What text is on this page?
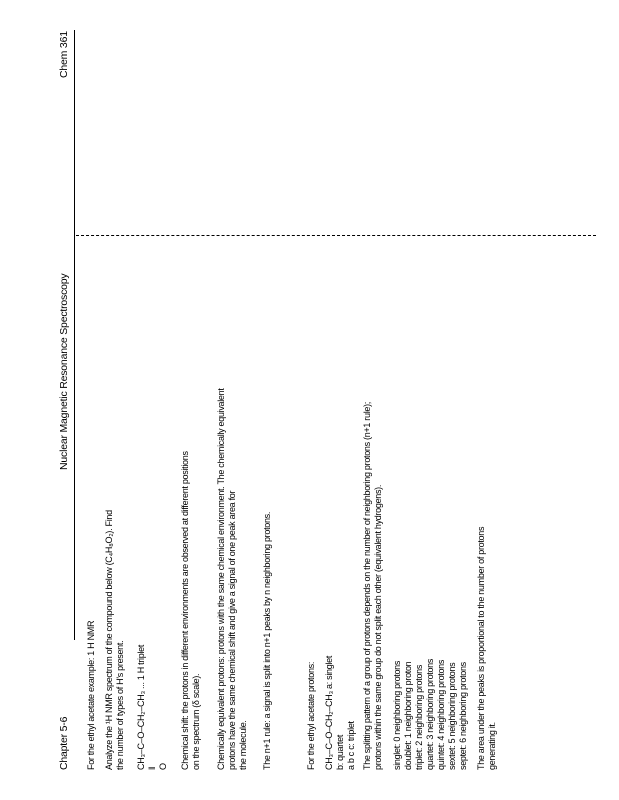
Chapter 5-6
Nuclear Magnetic Resonance Spectroscopy
Chem 361
For the ethyl acetate example: 1 H NMR Analyze the ¹H NMR spectrum of the compound below (C₄H₈O₂). Find the number of types of H's present. CH₃–C–O–CH₂–CH₃ ... 1 H triplet ‖ O Chemical shift: the protons in different environments are observed at different positions on the spectrum (δ scale). Chemically equivalent protons: protons with the same chemical environment. The chemically equivalent protons have the same chemical shift and give a signal of one peak area for the molecule. The n+1 rule: a signal is split into n+1 peaks by n neighboring protons.	For the ethyl acetate protons: CH₃–C–O–CH₂–CH₃ a: singlet b: quartet a b c c: triplet The splitting pattern of a group of protons depends on the number of neighboring protons (n+1 rule); protons within the same group do not split each other (equivalent hydrogens). singlet: 0 neighboring protons doublet: 1 neighboring proton triplet: 2 neighboring protons quartet: 3 neighboring protons quintet: 4 neighboring protons sextet: 5 neighboring protons septet: 6 neighboring protons The area under the peaks is proportional to the number of protons generating it.
